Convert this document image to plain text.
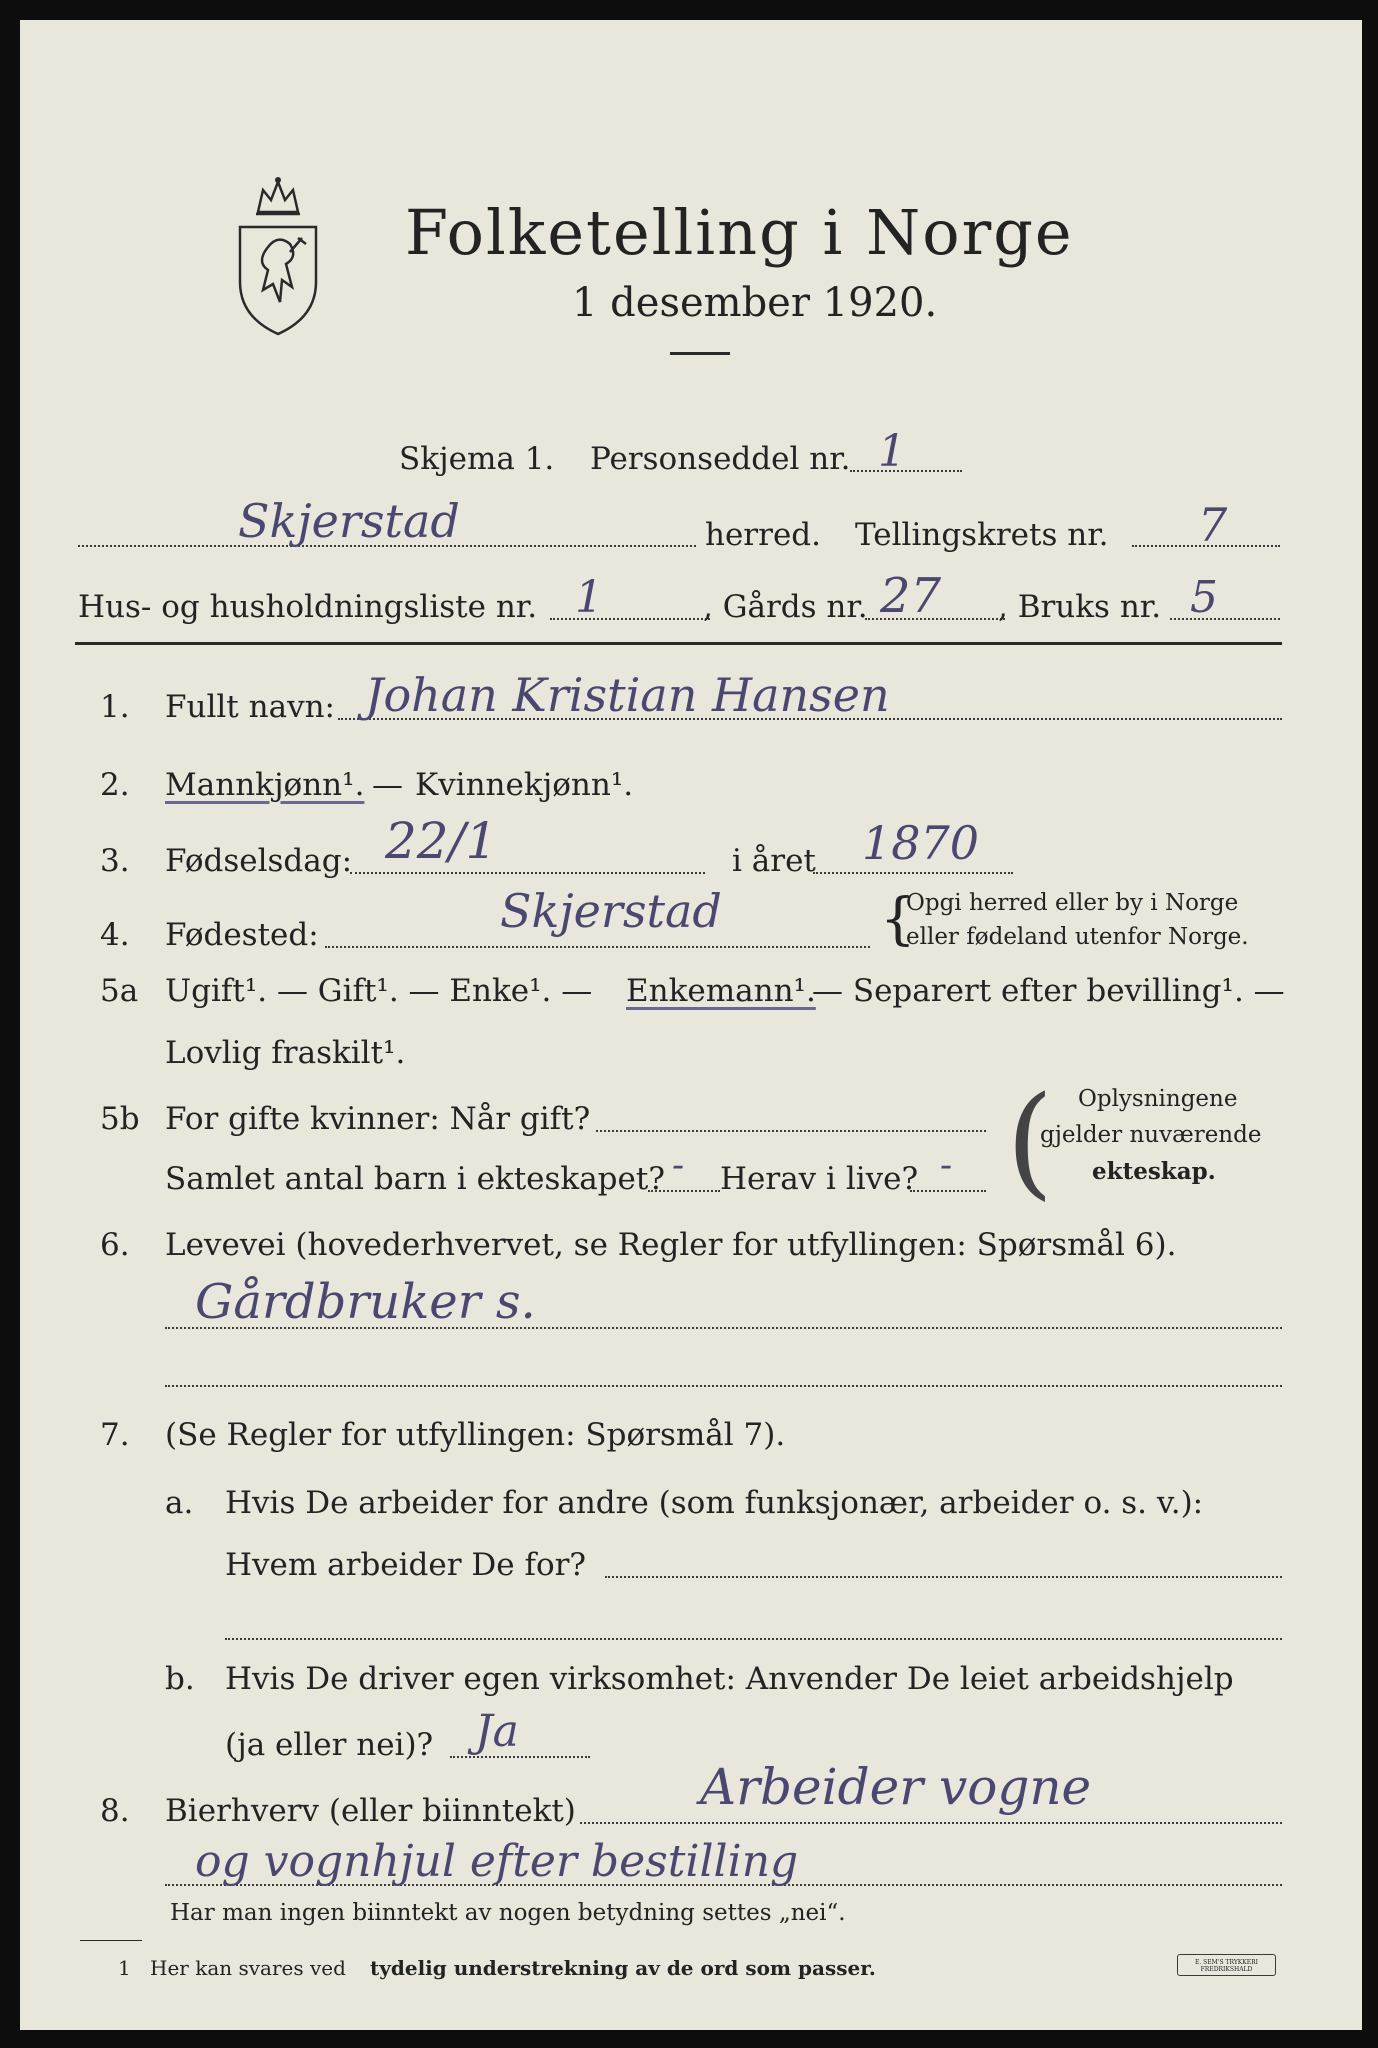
Folketelling i Norge
1 desember 1920.
Skjema 1. Personseddel nr. 1
Skjerstad	herred. Tellingskrets nr. 7
Hus- og husholdningsliste nr. 1	, Gårds nr. 27 , Bruks nr. 5
1. Fullt navn: Johan Kristian Hansen
2. Mannkjønn¹. — Kvinnekjønn¹.
3. Fødselsdag: 22/1	i året 1870
4. Fødested:	Skjerstad	{
Opgi herred eller by i Norge
eller fødeland utenfor Norge.
5a Ugift¹. — Gift¹. — Enke¹. — Enkemann¹.
— Separert efter bevilling¹. —
Lovlig fraskilt¹.
5b For gifte kvinner: Når gift?
Samlet antal barn i ekteskapet? - Herav i live? - ( Oplysningene
gjelder nuværende
ekteskap.
6. Levevei (hovederhvervet, se Regler for utfyllingen: Spørsmål 6).
Gårdbruker s.
7. (Se Regler for utfyllingen: Spørsmål 7).
a. Hvis De arbeider for andre (som funksjonær, arbeider o. s. v.):
Hvem arbeider De for?
b. Hvis De driver egen virksomhet: Anvender De leiet arbeidshjelp
(ja eller nei)? Ja
8. Bierhverv (eller biinntekt) Arbeider vogne
og vognhjul efter bestilling
Har man ingen biinntekt av nogen betydning settes „nei“.
1 Her kan svares ved tydelig understrekning av de ord som passer.	E. SEM'S TRYKKERI FREDRIKSHALD
